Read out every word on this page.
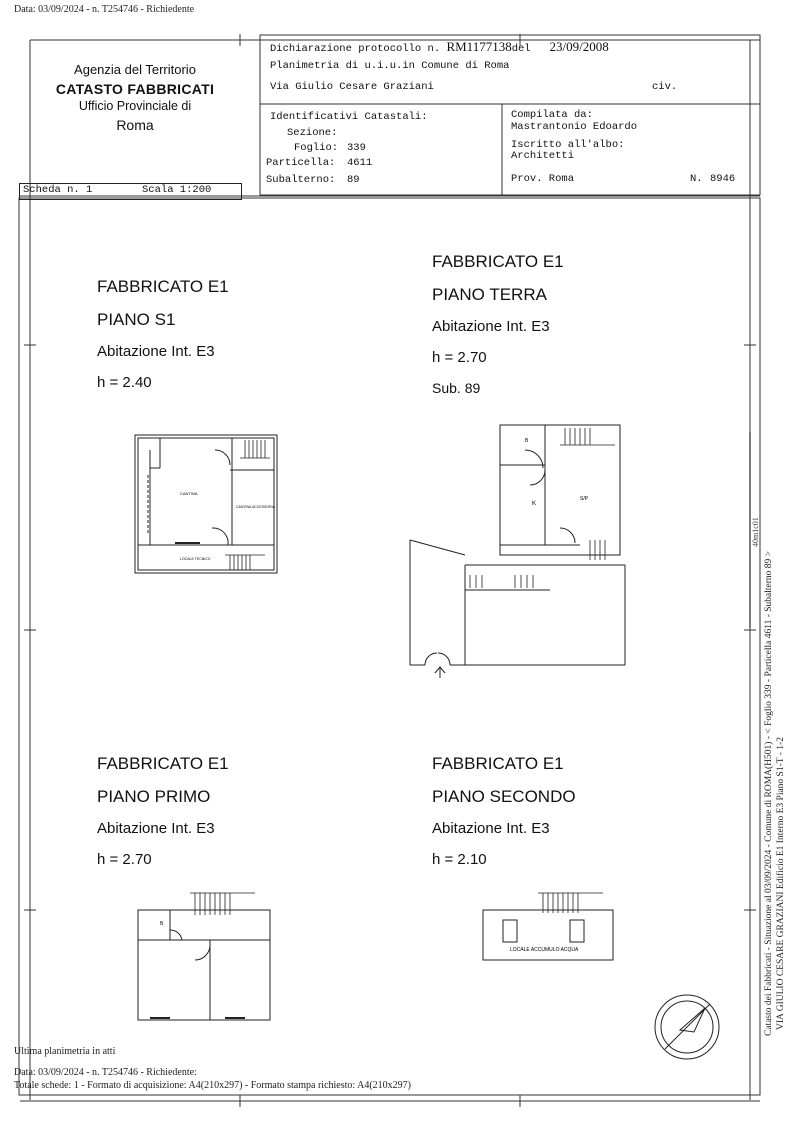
Data: 03/09/2024 - n. T254746 - Richiedente
Agenzia del Territorio
CATASTO FABBRICATI
Ufficio Provinciale di
Roma
Dichiarazione protocollo n. RM1177138del 23/09/2008
Planimetria di u.i.u.in Comune di Roma
Via Giulio Cesare Graziani	civ.
Identificativi Catastali:
Sezione:
Foglio: 339
Particella: 4611
Subalterno: 89
Compilata da:
Mastrantonio Edoardo
Iscritto all'albo:
Architetti
Prov. Roma	N. 8946
Scheda n. 1	Scala 1:200
FABBRICATO E1
PIANO S1
Abitazione Int. E3
h = 2.40
FABBRICATO E1
PIANO TERRA
Abitazione Int. E3
h = 2.70
Sub. 89
FABBRICATO E1
PIANO PRIMO
Abitazione Int. E3
h = 2.70
FABBRICATO E1
PIANO SECONDO
Abitazione Int. E3
h = 2.10
CANTINA
CANTINA ACCESSORIA
LOCALE TECNICO
B
K
S/P
B
LOCALE ACCUMULO ACQUA
Ultima planimetria in atti
Data: 03/09/2024 - n. T254746 - Richiedente:
Totale schede: 1 - Formato di acquisizione: A4(210x297) - Formato stampa richiesto: A4(210x297)
Catasto dei Fabbricati - Situazione al 03/09/2024 - Comune di ROMA(H501) - < Foglio 339 - Particella 4611 - Subalterno 89 > VIA GIULIO CESARE GRAZIANI Edificio E1 Interno E3 Piano S1-T - 1-2
40m1c01
